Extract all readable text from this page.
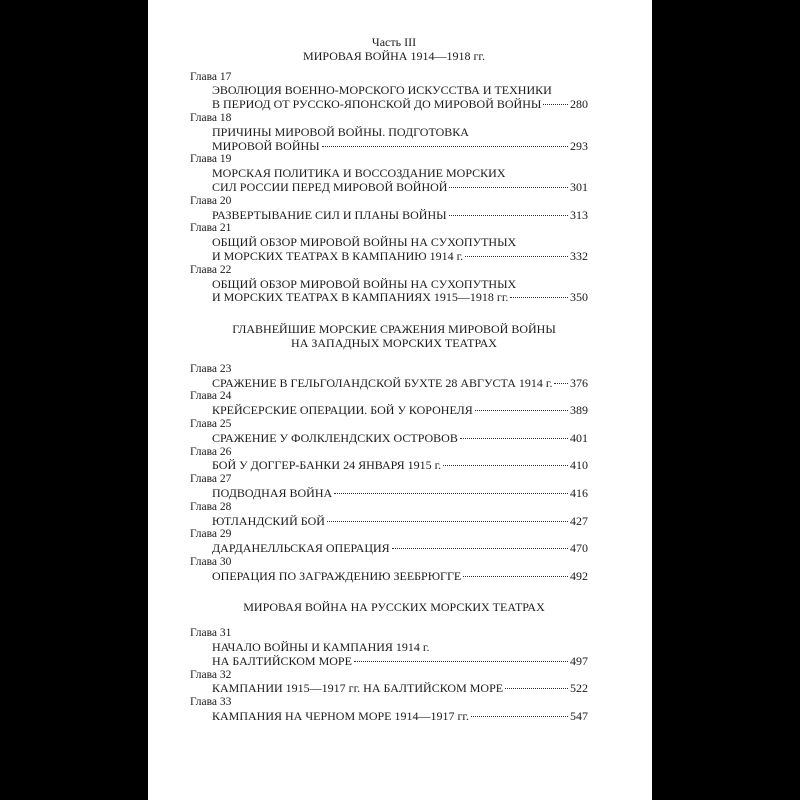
Часть III
МИРОВАЯ ВОЙНА 1914—1918 гг.
Глава 17
ЭВОЛЮЦИЯ ВОЕННО-МОРСКОГО ИСКУССТВА И ТЕХНИКИ
В ПЕРИОД ОТ РУССКО-ЯПОНСКОЙ ДО МИРОВОЙ ВОЙНЫ 280
Глава 18
ПРИЧИНЫ МИРОВОЙ ВОЙНЫ. ПОДГОТОВКА
МИРОВОЙ ВОЙНЫ	293
Глава 19
МОРСКАЯ ПОЛИТИКА И ВОССОЗДАНИЕ МОРСКИХ
СИЛ РОССИИ ПЕРЕД МИРОВОЙ ВОЙНОЙ	301
Глава 20
РАЗВЕРТЫВАНИЕ СИЛ И ПЛАНЫ ВОЙНЫ	313
Глава 21
ОБЩИЙ ОБЗОР МИРОВОЙ ВОЙНЫ НА СУХОПУТНЫХ
И МОРСКИХ ТЕАТРАХ В КАМПАНИЮ 1914 г.	332
Глава 22
ОБЩИЙ ОБЗОР МИРОВОЙ ВОЙНЫ НА СУХОПУТНЫХ
И МОРСКИХ ТЕАТРАХ В КАМПАНИЯХ 1915—1918 гг.	350
ГЛАВНЕЙШИЕ МОРСКИЕ СРАЖЕНИЯ МИРОВОЙ ВОЙНЫ
НА ЗАПАДНЫХ МОРСКИХ ТЕАТРАХ
Глава 23
СРАЖЕНИЕ В ГЕЛЬГОЛАНДСКОЙ БУХТЕ 28 АВГУСТА 1914 г. 376
Глава 24
КРЕЙСЕРСКИЕ ОПЕРАЦИИ. БОЙ У КОРОНЕЛЯ	389
Глава 25
СРАЖЕНИЕ У ФОЛКЛЕНДСКИХ ОСТРОВОВ	401
Глава 26
БОЙ У ДОГГЕР-БАНКИ 24 ЯНВАРЯ 1915 г.	410
Глава 27
ПОДВОДНАЯ ВОЙНА	416
Глава 28
ЮТЛАНДСКИЙ БОЙ	427
Глава 29
ДАРДАНЕЛЛЬСКАЯ ОПЕРАЦИЯ	470
Глава 30
ОПЕРАЦИЯ ПО ЗАГРАЖДЕНИЮ ЗЕЕБРЮГГЕ	492
МИРОВАЯ ВОЙНА НА РУССКИХ МОРСКИХ ТЕАТРАХ
Глава 31
НАЧАЛО ВОЙНЫ И КАМПАНИЯ 1914 г.
НА БАЛТИЙСКОМ МОРЕ	497
Глава 32
КАМПАНИИ 1915—1917 гг. НА БАЛТИЙСКОМ МОРЕ	522
Глава 33
КАМПАНИЯ НА ЧЕРНОМ МОРЕ 1914—1917 гг.	547
